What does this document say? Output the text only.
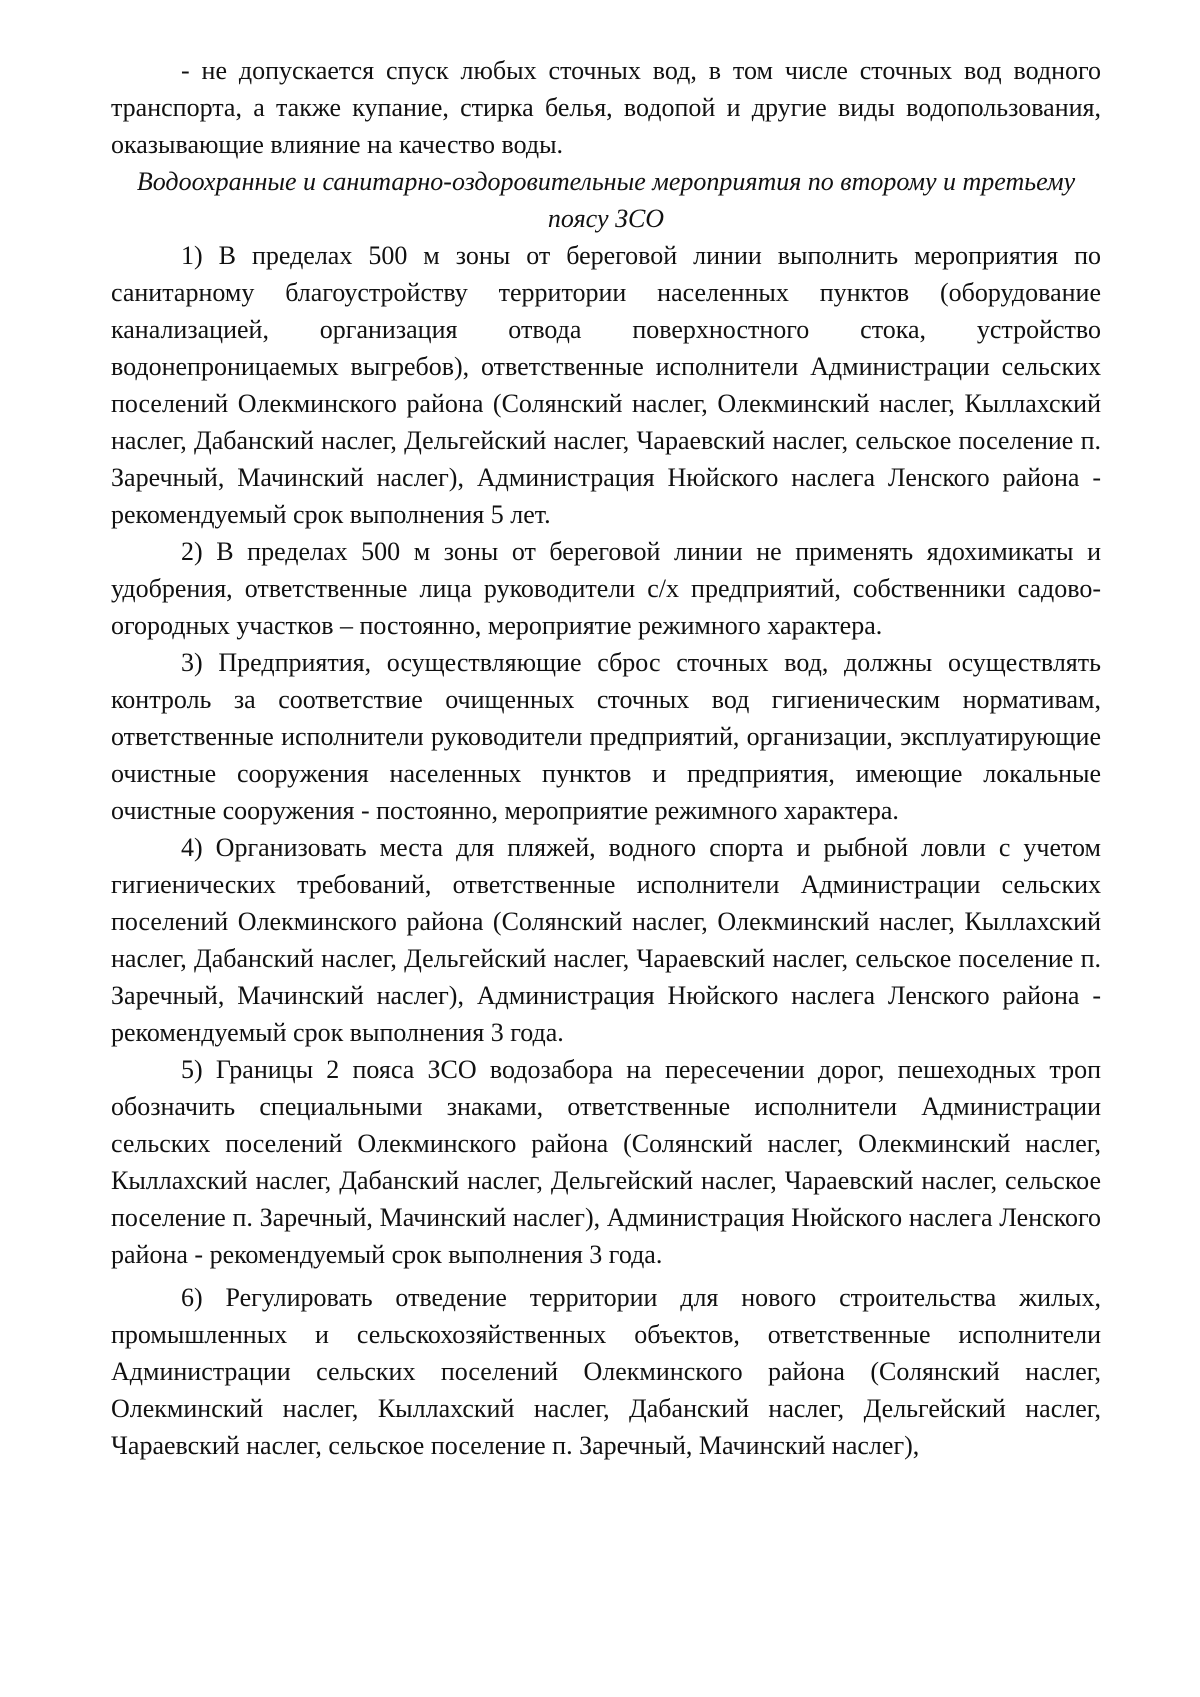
- не допускается спуск любых сточных вод, в том числе сточных вод водного транспорта, а также купание, стирка белья, водопой и другие виды водопользования, оказывающие влияние на качество воды.

Водоохранные и санитарно-оздоровительные мероприятия по второму и третьему поясу ЗСО

1) В пределах 500 м зоны от береговой линии выполнить мероприятия по санитарному благоустройству территории населенных пунктов (оборудование канализацией, организация отвода поверхностного стока, устройство водонепроницаемых выгребов), ответственные исполнители Администрации сельских поселений Олекминского района (Солянский наслег, Олекминский наслег, Кыллахский наслег, Дабанский наслег, Дельгейский наслег, Чараевский наслег, сельское поселение п. Заречный, Мачинский наслег), Администрация Нюйского наслега Ленского района - рекомендуемый срок выполнения 5 лет.

2) В пределах 500 м зоны от береговой линии не применять ядохимикаты и удобрения, ответственные лица руководители с/х предприятий, собственники садово-огородных участков – постоянно, мероприятие режимного характера.

3) Предприятия, осуществляющие сброс сточных вод, должны осуществлять контроль за соответствие очищенных сточных вод гигиеническим нормативам, ответственные исполнители руководители предприятий, организации, эксплуатирующие очистные сооружения населенных пунктов и предприятия, имеющие локальные очистные сооружения - постоянно, мероприятие режимного характера.

4) Организовать места для пляжей, водного спорта и рыбной ловли с учетом гигиенических требований, ответственные исполнители Администрации сельских поселений Олекминского района (Солянский наслег, Олекминский наслег, Кыллахский наслег, Дабанский наслег, Дельгейский наслег, Чараевский наслег, сельское поселение п. Заречный, Мачинский наслег), Администрация Нюйского наслега Ленского района - рекомендуемый срок выполнения 3 года.

5) Границы 2 пояса ЗСО водозабора на пересечении дорог, пешеходных троп обозначить специальными знаками, ответственные исполнители Администрации сельских поселений Олекминского района (Солянский наслег, Олекминский наслег, Кыллахский наслег, Дабанский наслег, Дельгейский наслег, Чараевский наслег, сельское поселение п. Заречный, Мачинский наслег), Администрация Нюйского наслега Ленского района - рекомендуемый срок выполнения 3 года.

6) Регулировать отведение территории для нового строительства жилых, промышленных и сельскохозяйственных объектов, ответственные исполнители Администрации сельских поселений Олекминского района (Солянский наслег, Олекминский наслег, Кыллахский наслег, Дабанский наслег, Дельгейский наслег, Чараевский наслег, сельское поселение п. Заречный, Мачинский наслег),
